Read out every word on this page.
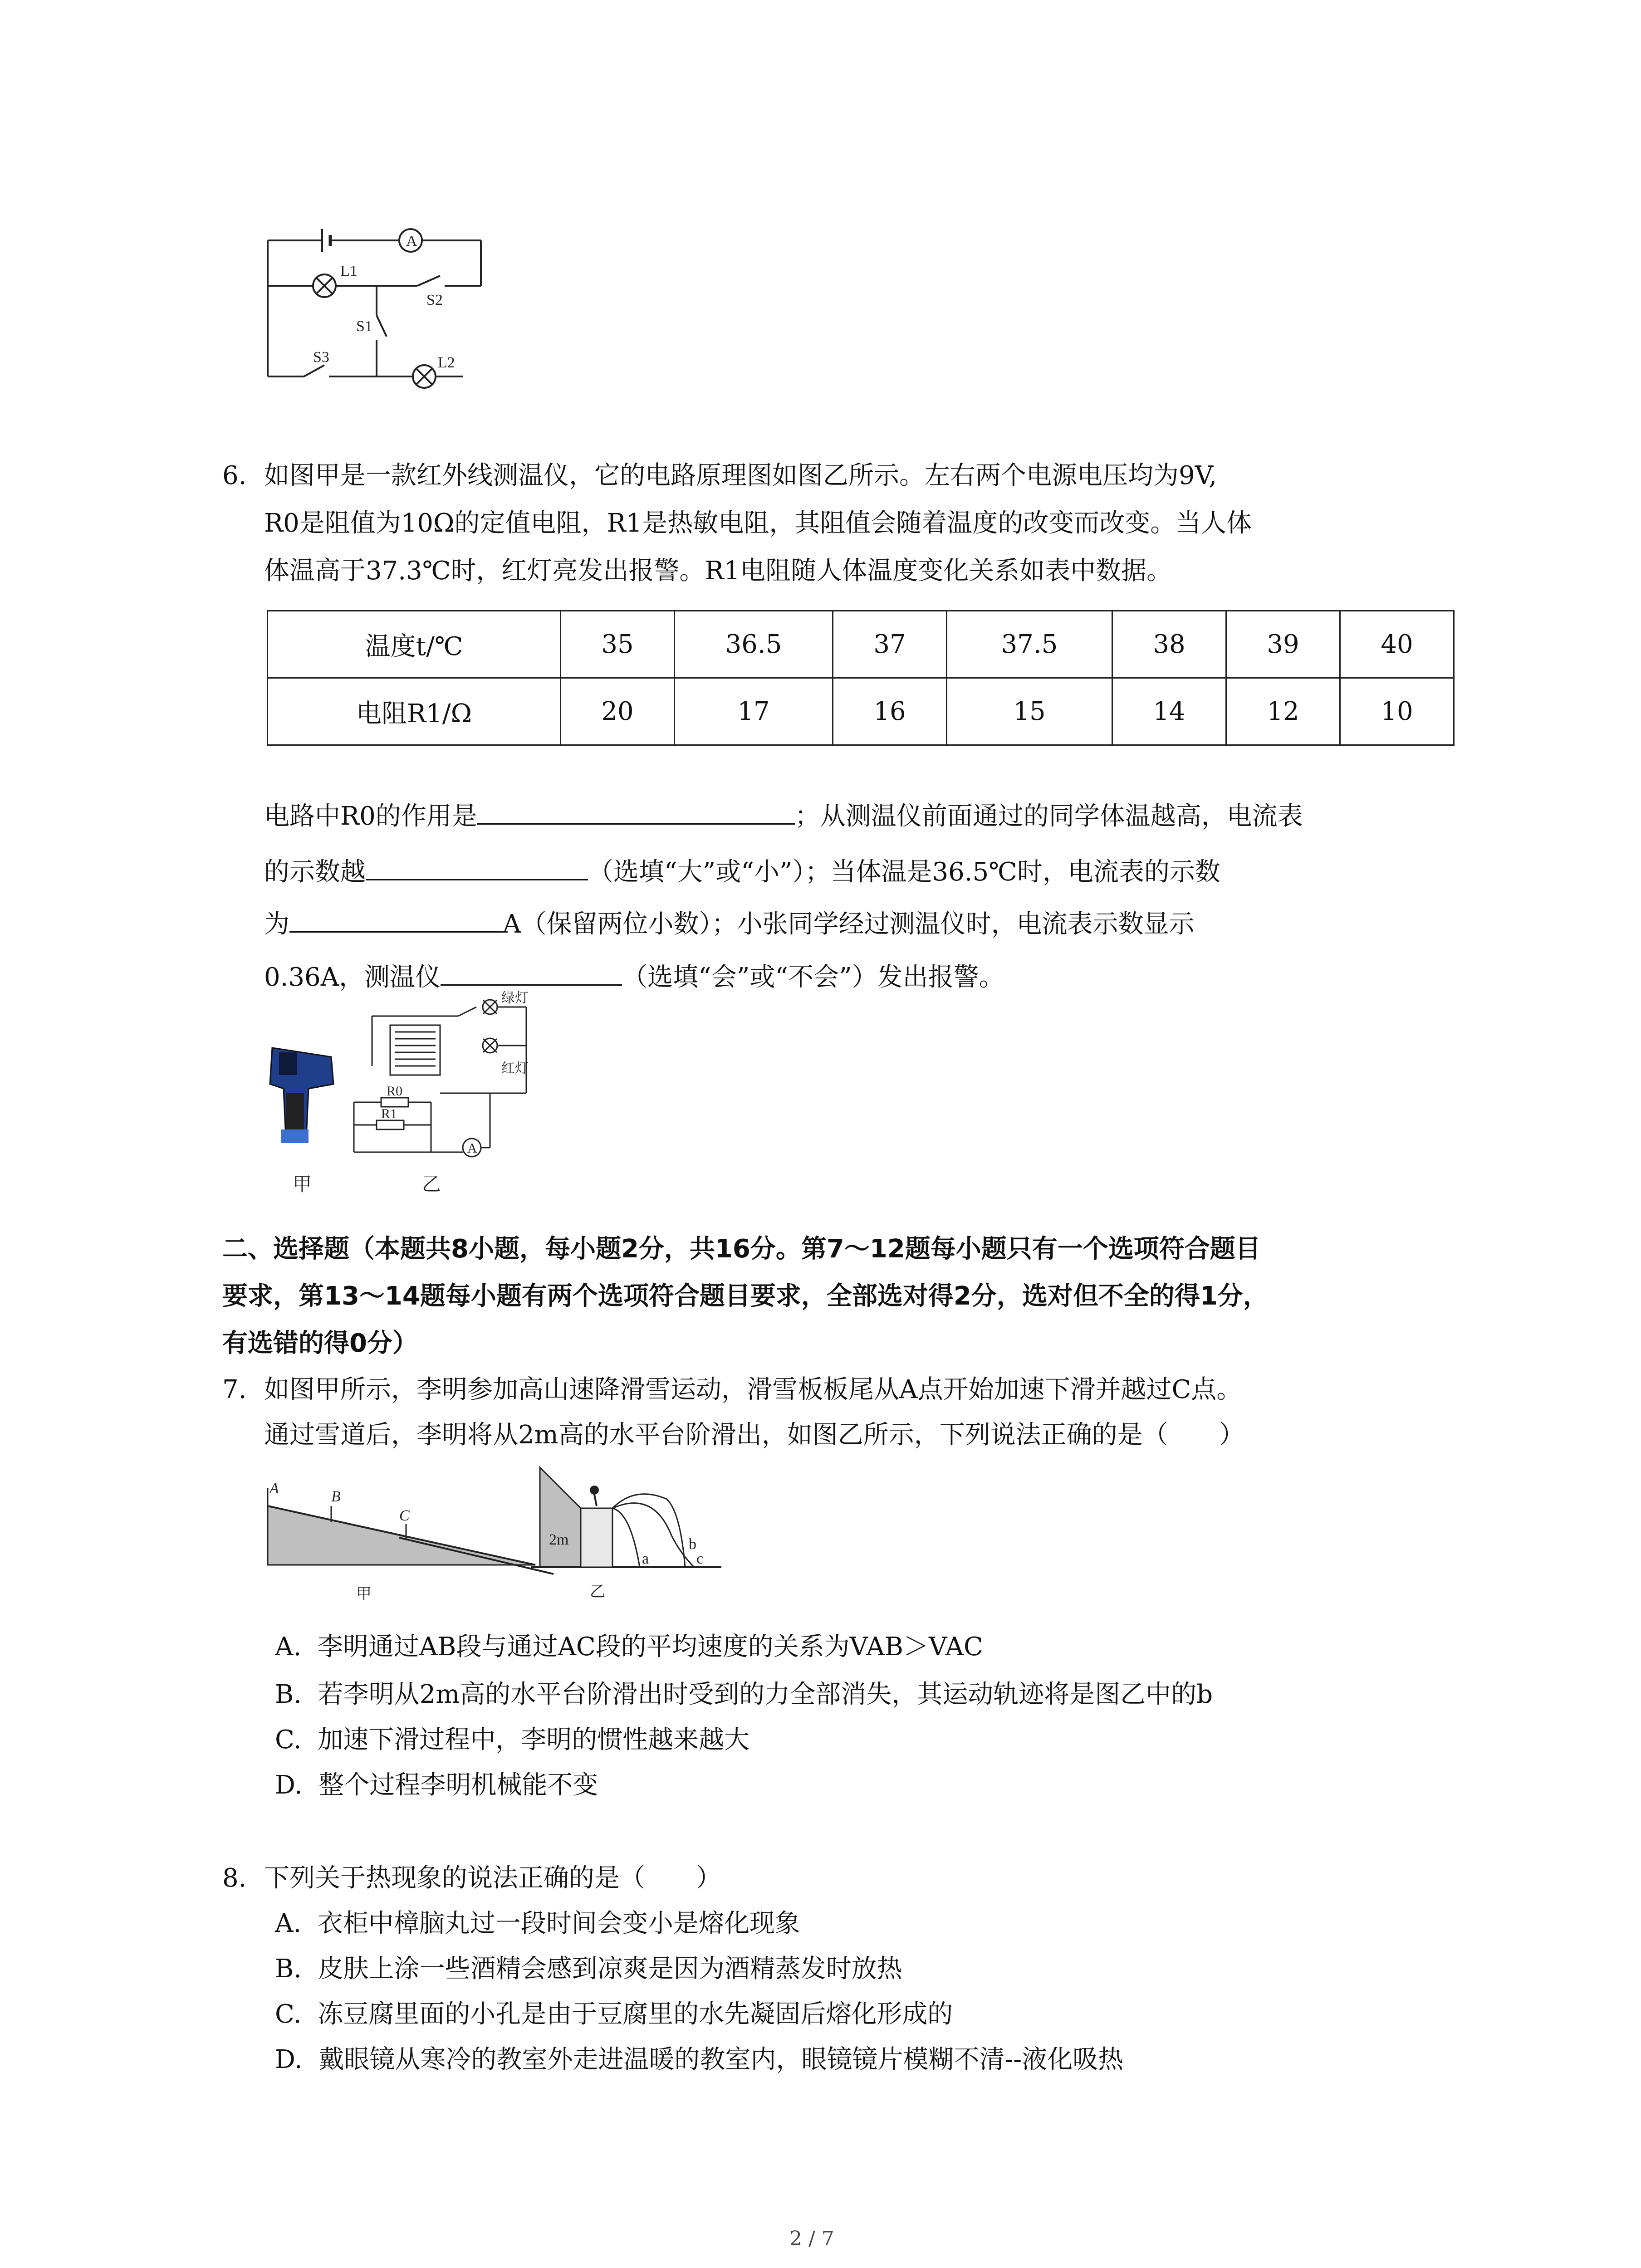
A
L1
S2
S1
S3	L2
6. 如图甲是一款红外线测温仪，它的电路原理图如图乙所示。左右两个电源电压均为9V,
R0是阻值为10Ω的定值电阻，R1是热敏电阻，其阻值会随着温度的改变而改变。当人体
体温高于37.3℃时，红灯亮发出报警。R1电阻随人体温度变化关系如表中数据。
温度t/℃	35	36.5	37	37.5	38	39	40
电阻R1/Ω	20	17	16	15	14	12	10
电路中R0的作用是	；从测温仪前面通过的同学体温越高，电流表
的示数越	（选填“大”或“小”）；当体温是36.5℃时，电流表的示数
为	A（保留两位小数）；小张同学经过测温仪时，电流表示数显示
0.36A，测温仪	（选填“会”或“不会”）发出报警。
甲
绿灯
红灯
R0
R1
A
乙
二、选择题（本题共8小题，每小题2分，共16分。第7～12题每小题只有一个选项符合题目
要求，第13～14题每小题有两个选项符合题目要求，全部选对得2分，选对但不全的得1分，
有选错的得0分）
7. 如图甲所示，李明参加高山速降滑雪运动，滑雪板板尾从A点开始加速下滑并越过C点。
通过雪道后，李明将从2m高的水平台阶滑出，如图乙所示，下列说法正确的是（　　）
A	B
C
甲
2m
a
b
c
乙
A. 李明通过AB段与通过AC段的平均速度的关系为VAB＞VAC
B. 若李明从2m高的水平台阶滑出时受到的力全部消失，其运动轨迹将是图乙中的b
C. 加速下滑过程中，李明的惯性越来越大
D. 整个过程李明机械能不变
8. 下列关于热现象的说法正确的是（　　）
A. 衣柜中樟脑丸过一段时间会变小是熔化现象
B. 皮肤上涂一些酒精会感到凉爽是因为酒精蒸发时放热
C. 冻豆腐里面的小孔是由于豆腐里的水先凝固后熔化形成的
D. 戴眼镜从寒冷的教室外走进温暖的教室内，眼镜镜片模糊不清--液化吸热
2 / 7
